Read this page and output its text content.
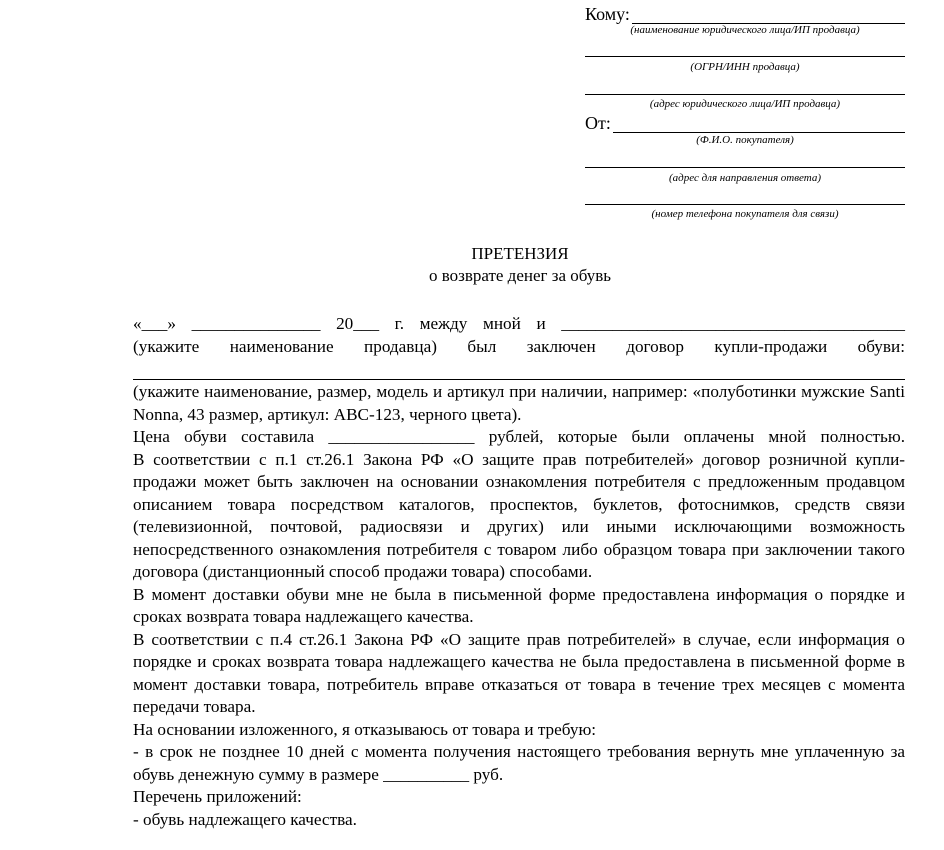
Кому:
(наименование юридического лица/ИП продавца)
(ОГРН/ИНН продавца)
(адрес юридического лица/ИП продавца)
От:
(Ф.И.О. покупателя)
(адрес для направления ответа)
(номер телефона покупателя для связи)
ПРЕТЕНЗИЯ
о возврате денег за обувь

«___» _______________ 20___ г. между мной и ________________________________________

(укажите наименование продавца) был заключен договор купли-продажи обуви:

(укажите наименование, размер, модель и артикул при наличии, например: «полуботинки мужские Santi Nonna, 43 размер, артикул: АВС-123, черного цвета).

Цена обуви составила _________________ рублей, которые были оплачены мной полностью.

В соответствии с п.1 ст.26.1 Закона РФ «О защите прав потребителей» договор розничной купли-продажи может быть заключен на основании ознакомления потребителя с предложенным продавцом описанием товара посредством каталогов, проспектов, буклетов, фотоснимков, средств связи (телевизионной, почтовой, радиосвязи и других) или иными исключающими возможность непосредственного ознакомления потребителя с товаром либо образцом товара при заключении такого договора (дистанционный способ продажи товара) способами.

В момент доставки обуви мне не была в письменной форме предоставлена информация о порядке и сроках возврата товара надлежащего качества.

В соответствии с п.4 ст.26.1 Закона РФ «О защите прав потребителей» в случае, если информация о порядке и сроках возврата товара надлежащего качества не была предоставлена в письменной форме в момент доставки товара, потребитель вправе отказаться от товара в течение трех месяцев с момента передачи товара.

На основании изложенного, я отказываюсь от товара и требую:

- в срок не позднее 10 дней с момента получения настоящего требования вернуть мне уплаченную за обувь денежную сумму в размере __________ руб.

Перечень приложений:

- обувь надлежащего качества.
